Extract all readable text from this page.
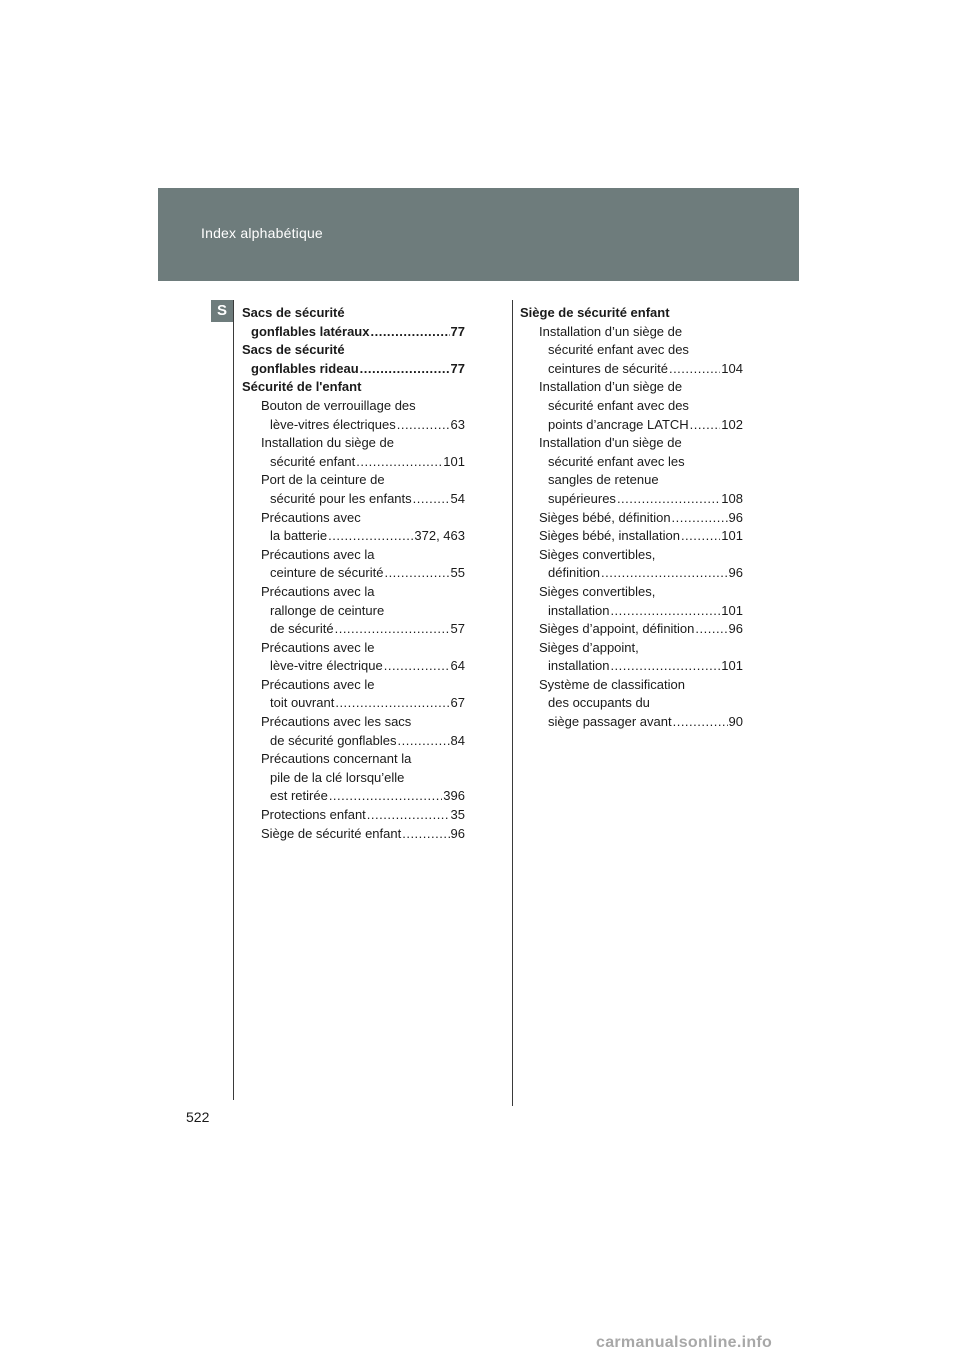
Index alphabétique
S	Sacs de sécurité
gonflables latéraux .....	77
Sacs de sécurité
gonflables rideau .....	77
Sécurité de l'enfant
Bouton de verrouillage des
lève-vitres électriques .....	63
Installation du siège de
sécurité enfant .....	101
Port de la ceinture de
sécurité pour les enfants .....	54
Précautions avec
la batterie .....	372, 463
Précautions avec la
ceinture de sécurité .....	55
Précautions avec la
rallonge de ceinture
de sécurité .....	57
Précautions avec le
lève-vitre électrique .....	64
Précautions avec le
toit ouvrant .....	67
Précautions avec les sacs
de sécurité gonflables .....	84
Précautions concernant la
pile de la clé lorsqu’elle
est retirée .....	396
Protections enfant .....	35
Siège de sécurité enfant .....	96
Siège de sécurité enfant
Installation d’un siège de
sécurité enfant avec des
ceintures de sécurité .....	104
Installation d’un siège de
sécurité enfant avec des
points d’ancrage LATCH .....	102
Installation d'un siège de
sécurité enfant avec les
sangles de retenue
supérieures .....	108
Sièges bébé, définition .....	96
Sièges bébé, installation .....	101
Sièges convertibles,
définition .....	96
Sièges convertibles,
installation .....	101
Sièges d’appoint, définition .....	96
Sièges d’appoint,
installation .....	101
Système de classification
des occupants du
siège passager avant .....	90
522
carmanualsonline.info
